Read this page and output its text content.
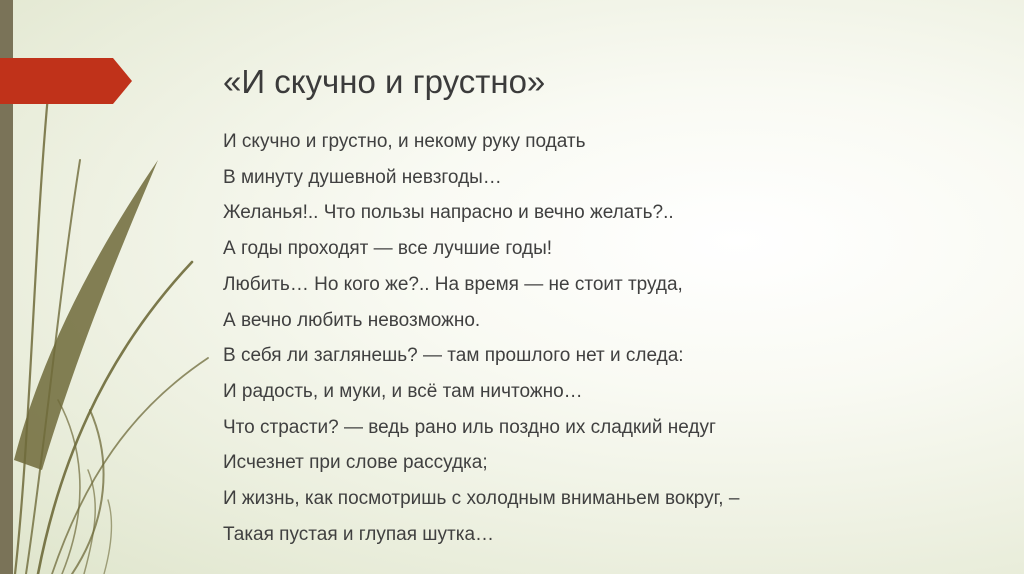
«И скучно и грустно»
И скучно и грустно, и некому руку подать
В минуту душевной невзгоды…
Желанья!.. Что пользы напрасно и вечно желать?..
А годы проходят — все лучшие годы!
Любить… Но кого же?.. На время — не стоит труда,
А вечно любить невозможно.
В себя ли заглянешь? — там прошлого нет и следа:
И радость, и муки, и всё там ничтожно…
Что страсти? — ведь рано иль поздно их сладкий недуг
Исчезнет при слове рассудка;
И жизнь, как посмотришь с холодным вниманьем вокруг, –
Такая пустая и глупая шутка…
